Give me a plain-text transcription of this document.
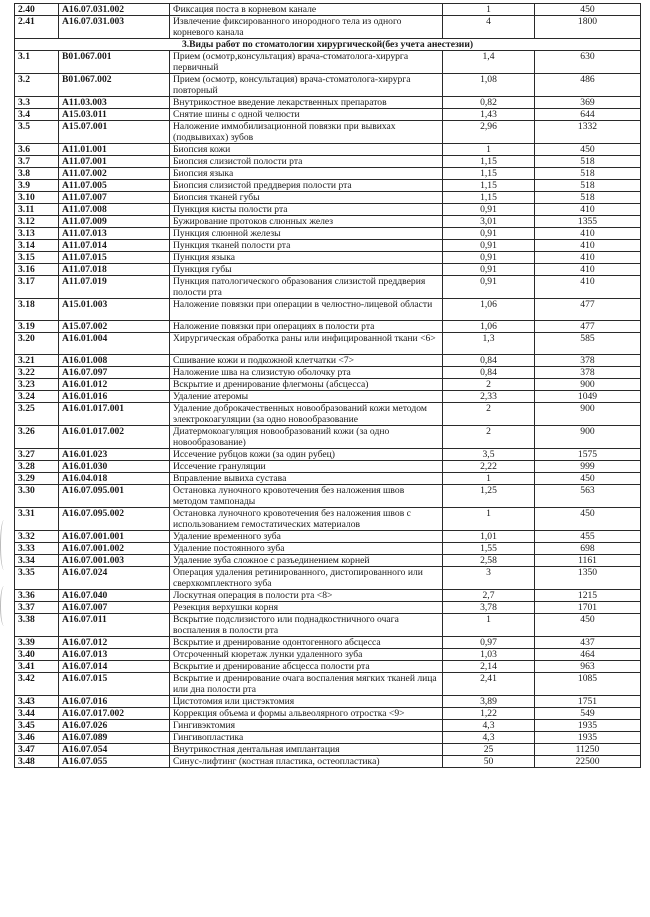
2.40	A16.07.031.002	Фиксация поста в корневом канале	1	450
2.41	A16.07.031.003	Извлечение фиксированного инородного тела из одного корневого канала	4	1800
3.Виды работ по стоматологии хирургической(без учета анестезии)				
3.1	B01.067.001	Прием (осмотр,консультация) врача-стоматолога-хирурга первичный	1,4	630
3.2	B01.067.002	Прием (осмотр, консультация) врача-стоматолога-хирурга повторный	1,08	486
3.3	A11.03.003	Внутрикостное введение лекарственных препаратов	0,82	369
3.4	A15.03.011	Снятие шины с одной челюсти	1,43	644
3.5	A15.07.001	Наложение иммобилизационной повязки при вывихах (подвывихах) зубов	2,96	1332
3.6	A11.01.001	Биопсия кожи	1	450
3.7	A11.07.001	Биопсия слизистой полости рта	1,15	518
3.8	A11.07.002	Биопсия языка	1,15	518
3.9	A11.07.005	Биопсия слизистой преддверия полости рта	1,15	518
3.10	A11.07.007	Биопсия тканей губы	1,15	518
3.11	A11.07.008	Пункция кисты полости рта	0,91	410
3.12	A11.07.009	Бужирование протоков слюнных желез	3,01	1355
3.13	A11.07.013	Пункция слюнной железы	0,91	410
3.14	A11.07.014	Пункция тканей полости рта	0,91	410
3.15	A11.07.015	Пункция языка	0,91	410
3.16	A11.07.018	Пункция губы	0,91	410
3.17	A11.07.019	Пункция патологического образования слизистой преддверия полости рта	0,91	410
3.18	A15.01.003	Наложение повязки при операции в челюстно-лицевой области	1,06	477
3.19	A15.07.002	Наложение повязки при операциях в полости рта	1,06	477
3.20	A16.01.004	Хирургическая обработка раны или инфицированной ткани <6>	1,3	585
3.21	A16.01.008	Сшивание кожи и подкожной клетчатки <7>	0,84	378
3.22	A16.07.097	Наложение шва на слизистую оболочку рта	0,84	378
3.23	A16.01.012	Вскрытие и дренирование флегмоны (абсцесса)	2	900
3.24	A16.01.016	Удаление атеромы	2,33	1049
3.25	A16.01.017.001	Удаление доброкачественных новообразований кожи методом электрокоагуляции (за одно новообразование	2	900
3.26	A16.01.017.002	Диатермокоагуляция новообразований кожи (за одно новообразование)	2	900
3.27	A16.01.023	Иссечение рубцов кожи (за один рубец)	3,5	1575
3.28	A16.01.030	Иссечение грануляции	2,22	999
3.29	A16.04.018	Вправление вывиха сустава	1	450
3.30	A16.07.095.001	Остановка луночного кровотечения без наложения швов методом тампонады	1,25	563
3.31	A16.07.095.002	Остановка луночного кровотечения без наложения швов с использованием гемостатических материалов	1	450
3.32	A16.07.001.001	Удаление временного зуба	1,01	455
3.33	A16.07.001.002	Удаление постоянного зуба	1,55	698
3.34	A16.07.001.003	Удаление зуба сложное с разъединением корней	2,58	1161
3.35	A16.07.024	Операция удаления ретинированного, дистопированного или сверхкомплектного зуба	3	1350
3.36	A16.07.040	Лоскутная операция в полости рта <8>	2,7	1215
3.37	A16.07.007	Резекция верхушки корня	3,78	1701
3.38	A16.07.011	Вскрытие подслизистого или поднадкостничного очага воспаления в полости рта	1	450
3.39	A16.07.012	Вскрытие и дренирование одонтогенного абсцесса	0,97	437
3.40	A16.07.013	Отсроченный кюретаж лунки удаленного зуба	1,03	464
3.41	A16.07.014	Вскрытие и дренирование абсцесса полости рта	2,14	963
3.42	A16.07.015	Вскрытие и дренирование очага воспаления мягких тканей лица или дна полости рта	2,41	1085
3.43	A16.07.016	Цистотомия или цистэктомия	3,89	1751
3.44	A16.07.017.002	Коррекция объема и формы альвеолярного отростка <9>	1,22	549
3.45	A16.07.026	Гингивэктомия	4,3	1935
3.46	A16.07.089	Гингивопластика	4,3	1935
3.47	A16.07.054	Внутрикостная дентальная имплантация	25	11250
3.48	A16.07.055	Синус-лифтинг (костная пластика, остеопластика)	50	22500
